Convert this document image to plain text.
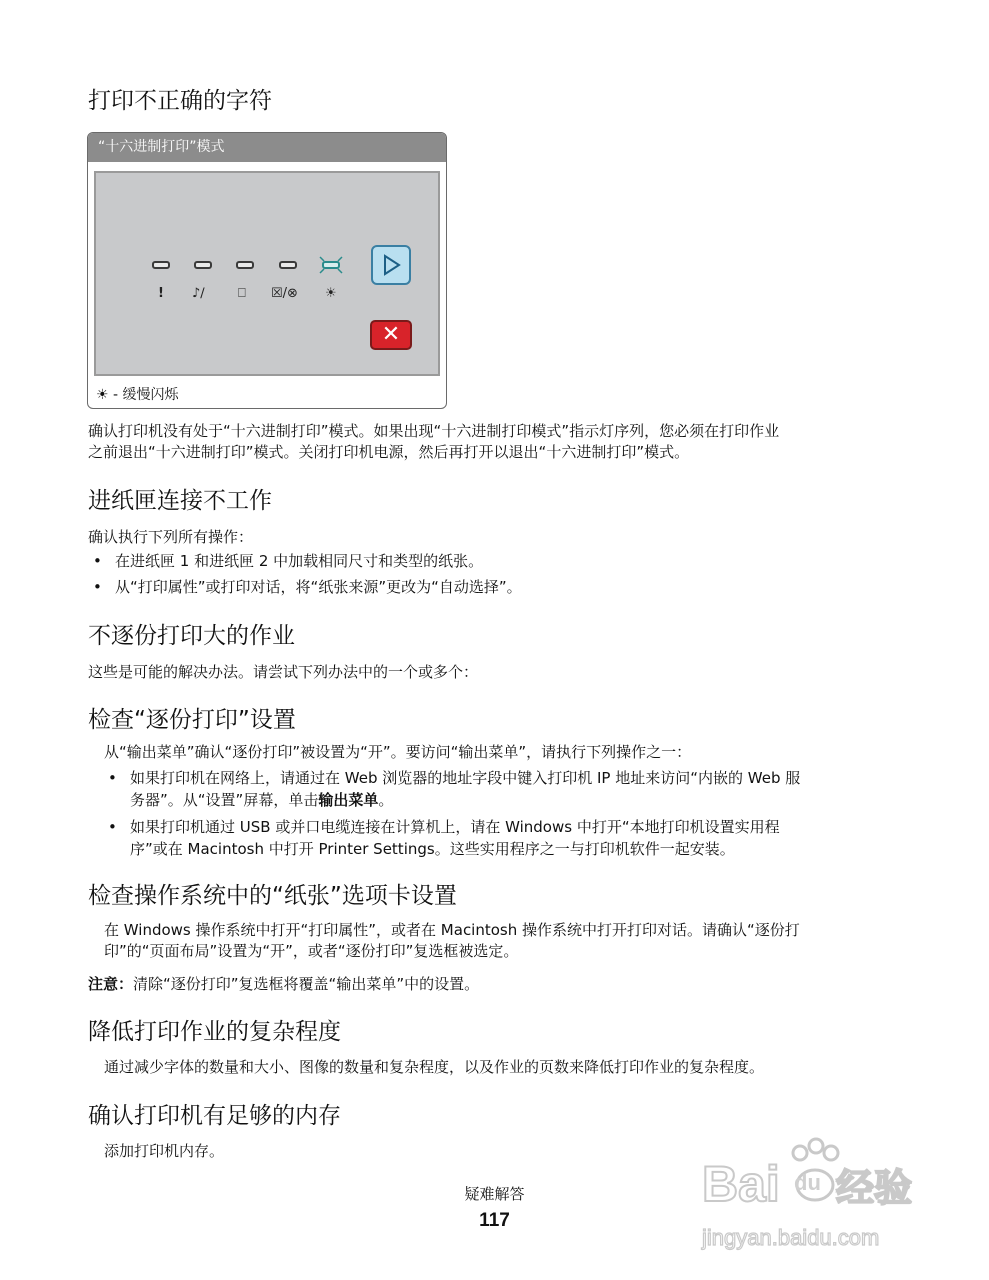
打印不正确的字符
“十六进制打印”模式
! ♪∕	⎕ ☒/⊗ ☀
✕
☀ - 缓慢闪烁

确认打印机没有处于“十六进制打印”模式。如果出现“十六进制打印模式”指示灯序列，您必须在打印作业

之前退出“十六进制打印”模式。关闭打印机电源，然后再打开以退出“十六进制打印”模式。

进纸匣连接不工作

确认执行下列所有操作：

• 在进纸匣 1 和进纸匣 2 中加载相同尺寸和类型的纸张。
• 从“打印属性”或打印对话，将“纸张来源”更改为“自动选择”。
不逐份打印大的作业

这些是可能的解决办法。请尝试下列办法中的一个或多个：

检查“逐份打印”设置

从“输出菜单”确认“逐份打印”被设置为“开”。要访问“输出菜单”，请执行下列操作之一：

• 如果打印机在网络上，请通过在 Web 浏览器的地址字段中键入打印机 IP 地址来访问“内嵌的 Web 服
务器”。从“设置”屏幕，单击输出菜单。
• 如果打印机通过 USB 或并口电缆连接在计算机上，请在 Windows 中打开“本地打印机设置实用程
序”或在 Macintosh 中打开 Printer Settings。这些实用程序之一与打印机软件一起安装。
检查操作系统中的“纸张”选项卡设置

在 Windows 操作系统中打开“打印属性”，或者在 Macintosh 操作系统中打开打印对话。请确认“逐份打

印”的“页面布局”设置为“开”，或者“逐份打印”复选框被选定。

注意：清除“逐份打印”复选框将覆盖“输出菜单”中的设置。

降低打印作业的复杂程度

通过减少字体的数量和大小、图像的数量和复杂程度，以及作业的页数来降低打印作业的复杂程度。

确认打印机有足够的内存

添加打印机内存。

疑难解答
117
Bai 经验
jingyan.baidu.com
du
